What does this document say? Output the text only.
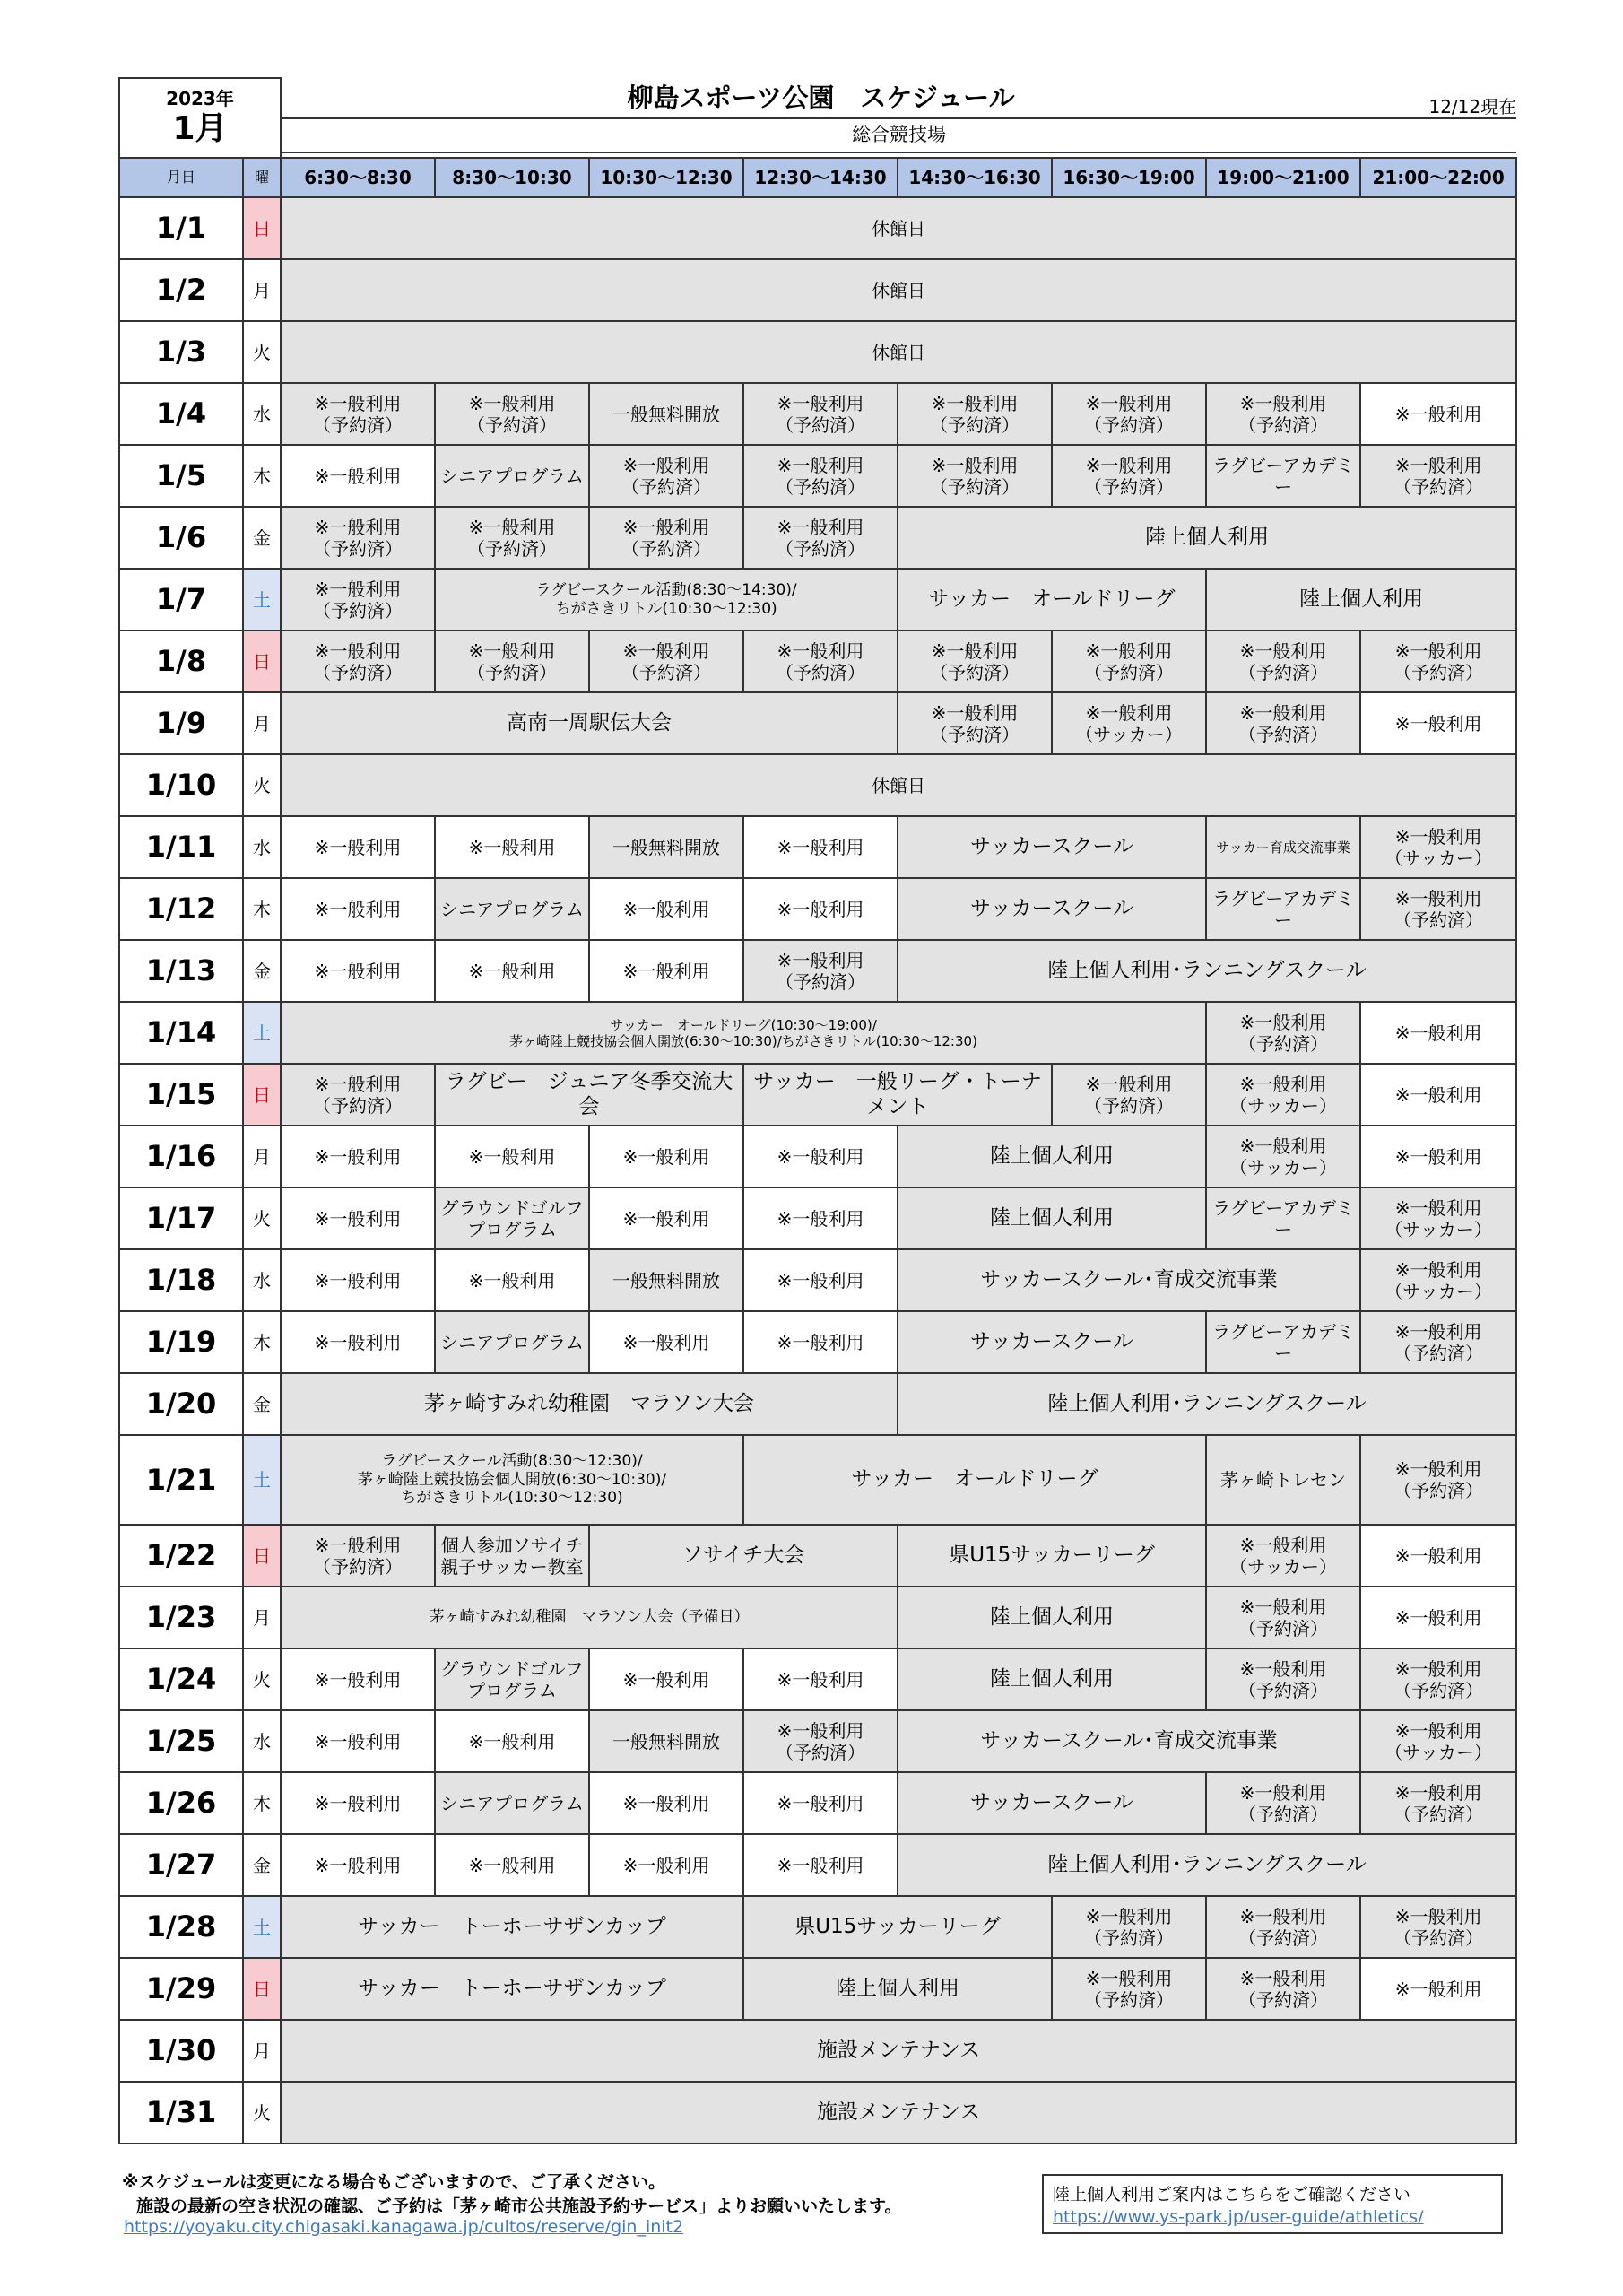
2023年
1月		柳島スポーツ公園　スケジュール							12/12現在
		総合競技場							

月日	曜	6:30～8:30	8:30～10:30	10:30～12:30	12:30～14:30	14:30～16:30	16:30～19:00	19:00～21:00	21:00～22:00
1/1	日	休館日							
1/2	月	休館日							
1/3	火	休館日							
1/4	水	※一般利用
（予約済）	※一般利用
（予約済）	一般無料開放	※一般利用
（予約済）	※一般利用
（予約済）	※一般利用
（予約済）	※一般利用
（予約済）	※一般利用
1/5	木	※一般利用	シニアプログラム	※一般利用
（予約済）	※一般利用
（予約済）	※一般利用
（予約済）	※一般利用
（予約済）	ラグビーアカデミー	※一般利用
（予約済）

1/6	金	※一般利用
（予約済）	※一般利用
（予約済）	※一般利用
（予約済）	※一般利用
（予約済）	陸上個人利用			
1/7	土	※一般利用
（予約済）	ラグビースクール活動(8:30～14:30)/
ちがさきリトル(10:30～12:30)			サッカー　オールドリーグ		陸上個人利用	
1/8	日	※一般利用
（予約済）	※一般利用
（予約済）	※一般利用
（予約済）	※一般利用
（予約済）	※一般利用
（予約済）	※一般利用
（予約済）	※一般利用
（予約済）	※一般利用
（予約済）

1/9	月	高南一周駅伝大会				※一般利用
（予約済）	※一般利用
（サッカー）	※一般利用
（予約済）	※一般利用
1/10	火	休館日							
1/11	水	※一般利用	※一般利用	一般無料開放	※一般利用	サッカースクール		サッカー育成交流事業	※一般利用
（サッカー）

1/12	木	※一般利用	シニアプログラム	※一般利用	※一般利用	サッカースクール		ラグビーアカデミー	※一般利用
（予約済）

1/13	金	※一般利用	※一般利用	※一般利用	※一般利用
（予約済）	陸上個人利用･ランニングスクール			
1/14	土	サッカー　オールドリーグ(10:30～19:00)/
茅ヶ崎陸上競技協会個人開放(6:30～10:30)/ちがさきリトル(10:30～12:30)						※一般利用
（予約済）	※一般利用
1/15	日	※一般利用
（予約済）	ラグビー　ジュニア冬季交流大会		サッカー　一般リーグ・トーナメント		※一般利用
（予約済）	※一般利用
（サッカー）	※一般利用
1/16	月	※一般利用	※一般利用	※一般利用	※一般利用	陸上個人利用		※一般利用
（サッカー）	※一般利用
1/17	火	※一般利用	グラウンドゴルフ
プログラム	※一般利用	※一般利用	陸上個人利用		ラグビーアカデミー	※一般利用
（サッカー）

1/18	水	※一般利用	※一般利用	一般無料開放	※一般利用	サッカースクール･育成交流事業			※一般利用
（サッカー）

1/19	木	※一般利用	シニアプログラム	※一般利用	※一般利用	サッカースクール		ラグビーアカデミー	※一般利用
（予約済）

1/20	金	茅ヶ崎すみれ幼稚園　マラソン大会				陸上個人利用･ランニングスクール			
1/21	土	ラグビースクール活動(8:30～12:30)/
茅ヶ崎陸上競技協会個人開放(6:30～10:30)/
ちがさきリトル(10:30～12:30)			サッカー　オールドリーグ			茅ヶ崎トレセン	※一般利用
（予約済）

1/22	日	※一般利用
（予約済）	個人参加ソサイチ
親子サッカー教室	ソサイチ大会		県U15サッカーリーグ		※一般利用
（サッカー）	※一般利用
1/23	月	茅ヶ崎すみれ幼稚園　マラソン大会（予備日）				陸上個人利用		※一般利用
（予約済）	※一般利用
1/24	火	※一般利用	グラウンドゴルフ
プログラム	※一般利用	※一般利用	陸上個人利用		※一般利用
（予約済）	※一般利用
（予約済）

1/25	水	※一般利用	※一般利用	一般無料開放	※一般利用
（予約済）	サッカースクール･育成交流事業			※一般利用
（サッカー）

1/26	木	※一般利用	シニアプログラム	※一般利用	※一般利用	サッカースクール		※一般利用
（予約済）	※一般利用
（予約済）

1/27	金	※一般利用	※一般利用	※一般利用	※一般利用	陸上個人利用･ランニングスクール			
1/28	土	サッカー　トーホーサザンカップ			県U15サッカーリーグ		※一般利用
（予約済）	※一般利用
（予約済）	※一般利用
（予約済）

1/29	日	サッカー　トーホーサザンカップ			陸上個人利用		※一般利用
（予約済）	※一般利用
（予約済）	※一般利用
1/30	月	施設メンテナンス							
1/31	火	施設メンテナンス							
※スケジュールは変更になる場合もございますので、ご了承ください。
施設の最新の空き状況の確認、ご予約は「茅ヶ崎市公共施設予約サービス」よりお願いいたします。
https://yoyaku.city.chigasaki.kanagawa.jp/cultos/reserve/gin_init2
陸上個人利用ご案内はこちらをご確認ください
https://www.ys-park.jp/user-guide/athletics/
